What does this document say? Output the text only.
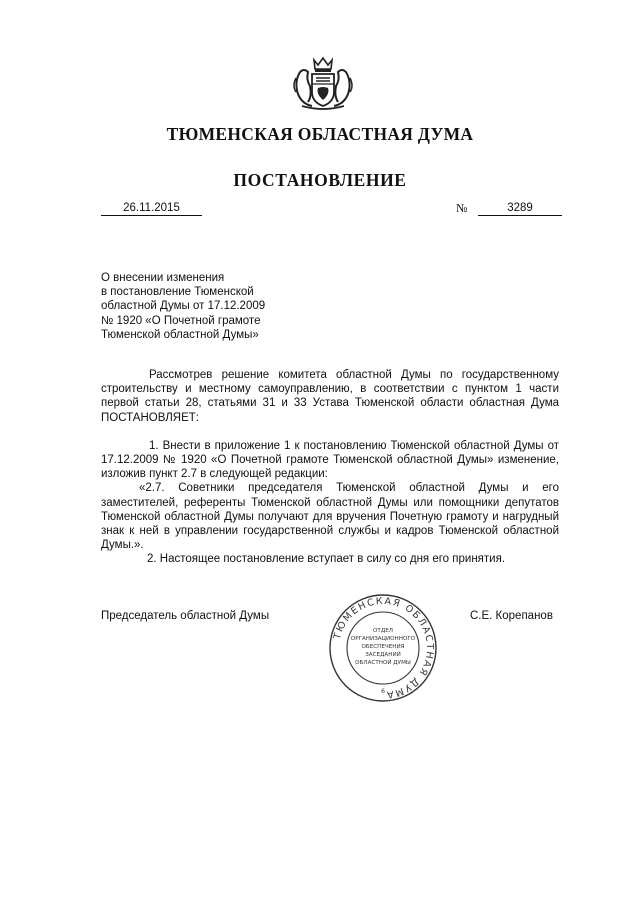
ТЮМЕНСКАЯ ОБЛАСТНАЯ ДУМА
ПОСТАНОВЛЕНИЕ
26.11.2015	№	3289
О внесении изменения
в постановление Тюменской
областной Думы от 17.12.2009
№ 1920 «О Почетной грамоте
Тюменской областной Думы»

Рассмотрев решение комитета областной Думы по государственному строительству и местному самоуправлению, в соответствии с пунктом 1 части первой статьи 28, статьями 31 и 33 Устава Тюменской области областная Дума ПОСТАНОВЛЯЕТ:

1. Внести в приложение 1 к постановлению Тюменской областной Думы от 17.12.2009 № 1920 «О Почетной грамоте Тюменской областной Думы» изменение, изложив пункт 2.7 в следующей редакции:

«2.7. Советники председателя Тюменской областной Думы и его заместителей, референты Тюменской областной Думы или помощники депутатов Тюменской областной Думы получают для вручения Почетную грамоту и нагрудный знак к ней в управлении государственной службы и кадров Тюменской областной Думы.».

2. Настоящее постановление вступает в силу со дня его принятия.

Председатель областной Думы	С.Е. Корепанов
ТЮМЕНСКАЯ ОБЛАСТНАЯ ДУМА
ОТДЕЛ
ОРГАНИЗАЦИОННОГО
ОБЕСПЕЧЕНИЯ
ЗАСЕДАНИЙ
ОБЛАСТНОЙ ДУМЫ
6
